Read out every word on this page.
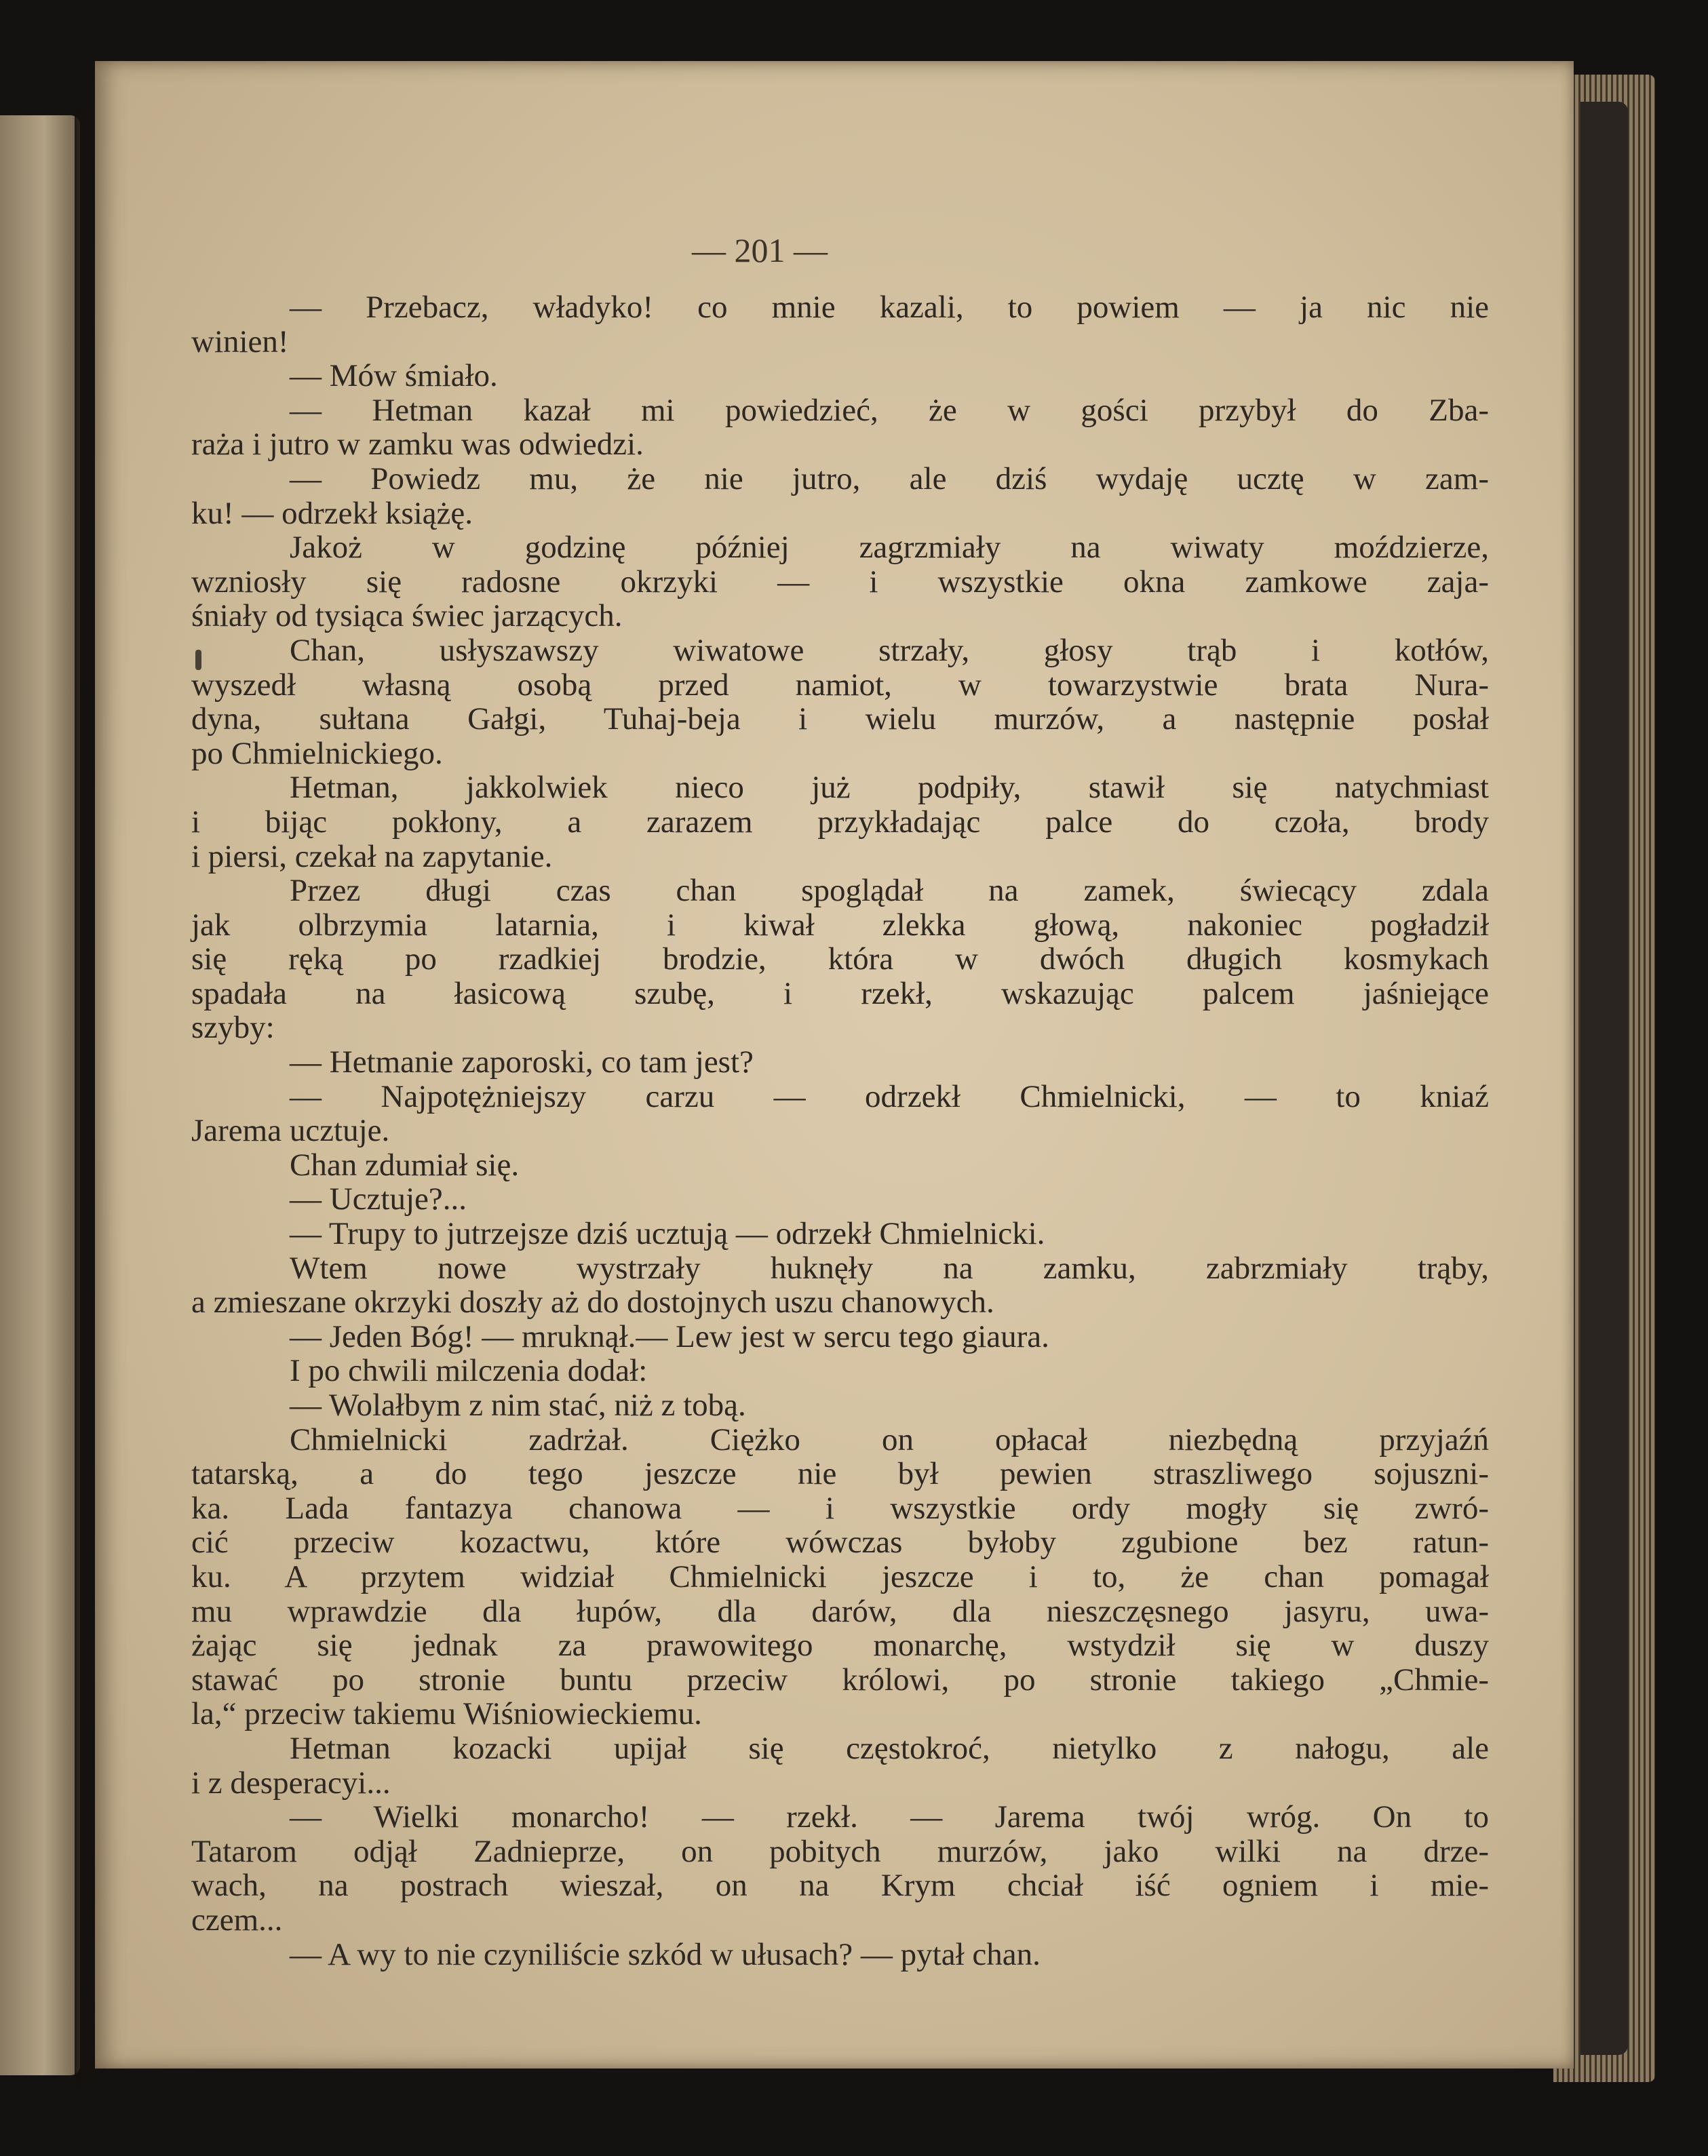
— 201 —
— Przebacz, władyko! co mnie kazali, to powiem — ja nic nie
winien!
— Mów śmiało.
— Hetman kazał mi powiedzieć, że w gości przybył do Zba-
raża i jutro w zamku was odwiedzi.
— Powiedz mu, że nie jutro, ale dziś wydaję ucztę w zam-
ku! — odrzekł książę.
Jakoż w godzinę później zagrzmiały na wiwaty moździerze,
wzniosły się radosne okrzyki — i wszystkie okna zamkowe zaja-
śniały od tysiąca świec jarzących.
Chan, usłyszawszy wiwatowe strzały, głosy trąb i kotłów,
wyszedł własną osobą przed namiot, w towarzystwie brata Nura-
dyna, sułtana Gałgi, Tuhaj-beja i wielu murzów, a następnie posłał
po Chmielnickiego.
Hetman, jakkolwiek nieco już podpiły, stawił się natychmiast
i bijąc pokłony, a zarazem przykładając palce do czoła, brody
i piersi, czekał na zapytanie.
Przez długi czas chan spoglądał na zamek, świecący zdala
jak olbrzymia latarnia, i kiwał zlekka głową, nakoniec pogładził
się ręką po rzadkiej brodzie, która w dwóch długich kosmykach
spadała na łasicową szubę, i rzekł, wskazując palcem jaśniejące
szyby:
— Hetmanie zaporoski, co tam jest?
— Najpotężniejszy carzu — odrzekł Chmielnicki, — to kniaź
Jarema ucztuje.
Chan zdumiał się.
— Ucztuje?...
— Trupy to jutrzejsze dziś ucztują — odrzekł Chmielnicki.
Wtem nowe wystrzały huknęły na zamku, zabrzmiały trąby,
a zmieszane okrzyki doszły aż do dostojnych uszu chanowych.
— Jeden Bóg! — mruknął.— Lew jest w sercu tego giaura.
I po chwili milczenia dodał:
— Wolałbym z nim stać, niż z tobą.
Chmielnicki zadrżał. Ciężko on opłacał niezbędną przyjaźń
tatarską, a do tego jeszcze nie był pewien straszliwego sojuszni-
ka. Lada fantazya chanowa — i wszystkie ordy mogły się zwró-
cić przeciw kozactwu, które wówczas byłoby zgubione bez ratun-
ku. A przytem widział Chmielnicki jeszcze i to, że chan pomagał
mu wprawdzie dla łupów, dla darów, dla nieszczęsnego jasyru, uwa-
żając się jednak za prawowitego monarchę, wstydził się w duszy
stawać po stronie buntu przeciw królowi, po stronie takiego „Chmie-
la,“ przeciw takiemu Wiśniowieckiemu.
Hetman kozacki upijał się częstokroć, nietylko z nałogu, ale
i z desperacyi...
— Wielki monarcho! — rzekł. — Jarema twój wróg. On to
Tatarom odjął Zadnieprze, on pobitych murzów, jako wilki na drze-
wach, na postrach wieszał, on na Krym chciał iść ogniem i mie-
czem...
— A wy to nie czyniliście szkód w ułusach? — pytał chan.
